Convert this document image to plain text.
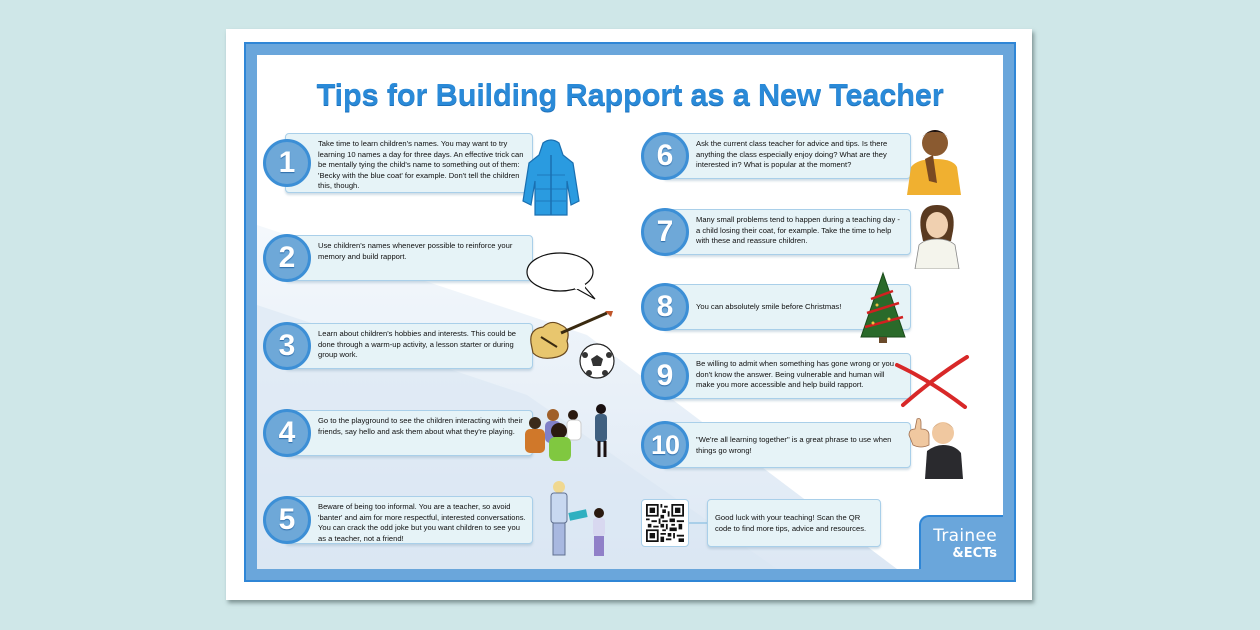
Tips for Building Rapport as a New Teacher
1
Take time to learn children's names. You may want to try learning 10 names a day for three days. An effective trick can be mentally tying the child's name to something out of them: 'Becky with the blue coat' for example. Don't tell the children this, though.
2	Use children's names whenever possible to reinforce your memory and build rapport.
3	Learn about children's hobbies and interests. This could be done through a warm-up activity, a lesson starter or during group work.
4	Go to the playground to see the children interacting with their friends, say hello and ask them about what they're playing.
5	Beware of being too informal. You are a teacher, so avoid 'banter' and aim for more respectful, interested conversations. You can crack the odd joke but you want children to see you as a teacher, not a friend!
6	Ask the current class teacher for advice and tips. Is there anything the class especially enjoy doing? What are they interested in? What is popular at the moment?
7	Many small problems tend to happen during a teaching day - a child losing their coat, for example. Take the time to help with these and reassure children.
8	You can absolutely smile before Christmas!
9	Be willing to admit when something has gone wrong or you don't know the answer. Being vulnerable and human will make you more accessible and help build rapport.
10	"We're all learning together" is a great phrase to use when things go wrong!
Good luck with your teaching! Scan the QR code to find more tips, advice and resources.	Trainee
&ECTs
